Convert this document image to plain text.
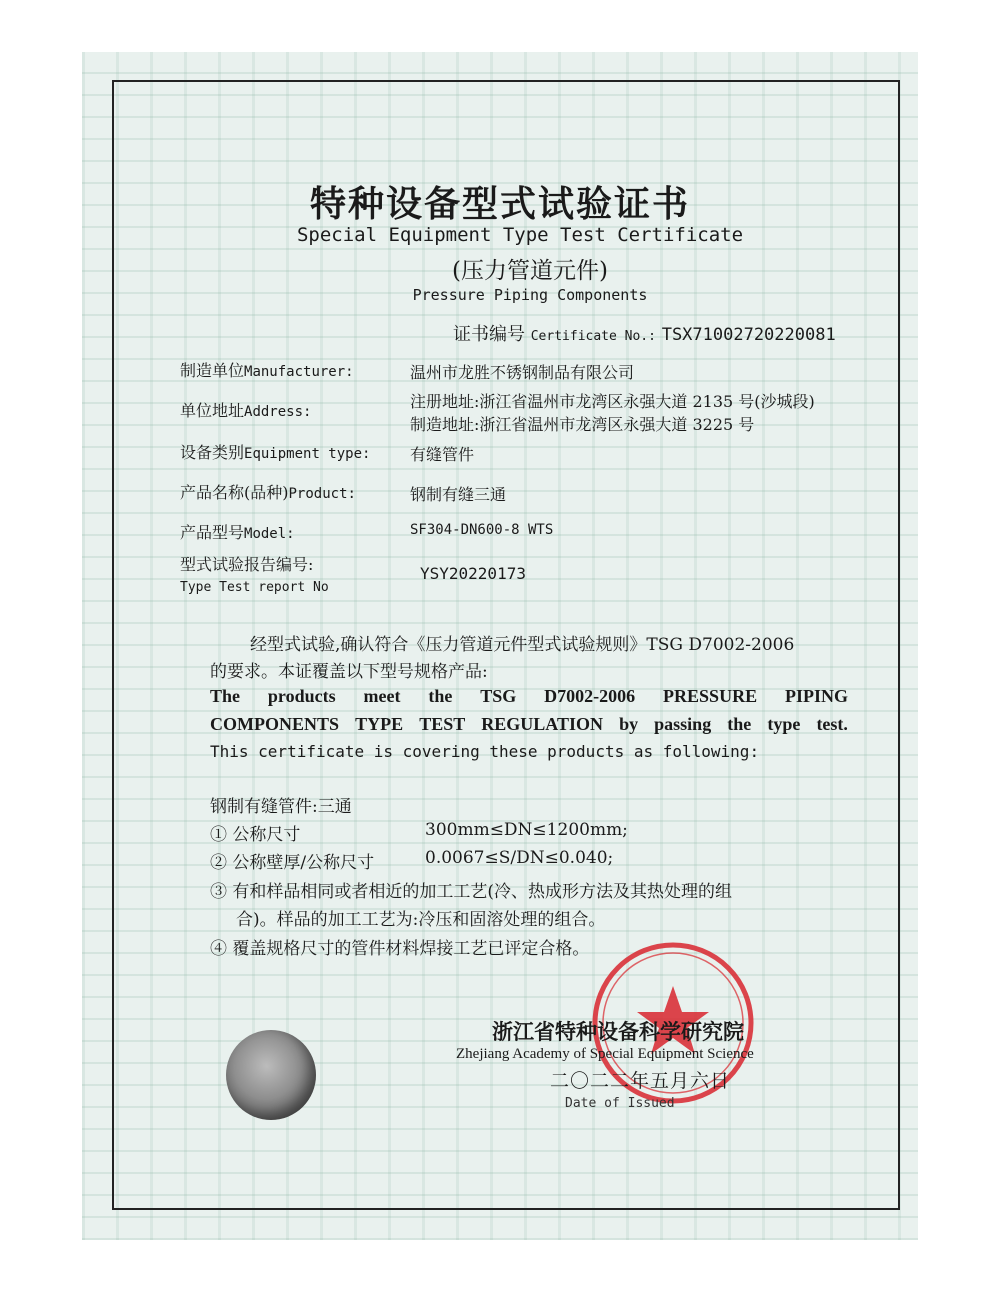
特种设备型式试验证书
Special Equipment Type Test Certificate
(压力管道元件)
Pressure Piping Components
证书编号 Certificate No.: TSX71002720220081
制造单位Manufacturer:	温州市龙胜不锈钢制品有限公司
单位地址Address:
注册地址:浙江省温州市龙湾区永强大道 2135 号(沙城段)
制造地址:浙江省温州市龙湾区永强大道 3225 号
设备类别Equipment type: 有缝管件
产品名称(品种)Product:	钢制有缝三通
产品型号Model:	SF304-DN600-8 WTS
型式试验报告编号:
Type Test report No
YSY20220173
经型式试验,确认符合《压力管道元件型式试验规则》TSG D7002-2006
的要求。本证覆盖以下型号规格产品:
The products meet the TSG D7002-2006 PRESSURE PIPING
COMPONENTS TYPE TEST REGULATION by passing the type test.
This certificate is covering these products as following:
钢制有缝管件:三通
① 公称尺寸	300mm≤DN≤1200mm;
② 公称壁厚/公称尺寸	0.0067≤S/DN≤0.040;
③ 有和样品相同或者相近的加工工艺(冷、热成形方法及其热处理的组
合)。样品的加工工艺为:冷压和固溶处理的组合。
④ 覆盖规格尺寸的管件材料焊接工艺已评定合格。
浙江省特种设备科学研究院
Zhejiang Academy of Special Equipment Science
二〇二二年五月六日
Date of Issued
